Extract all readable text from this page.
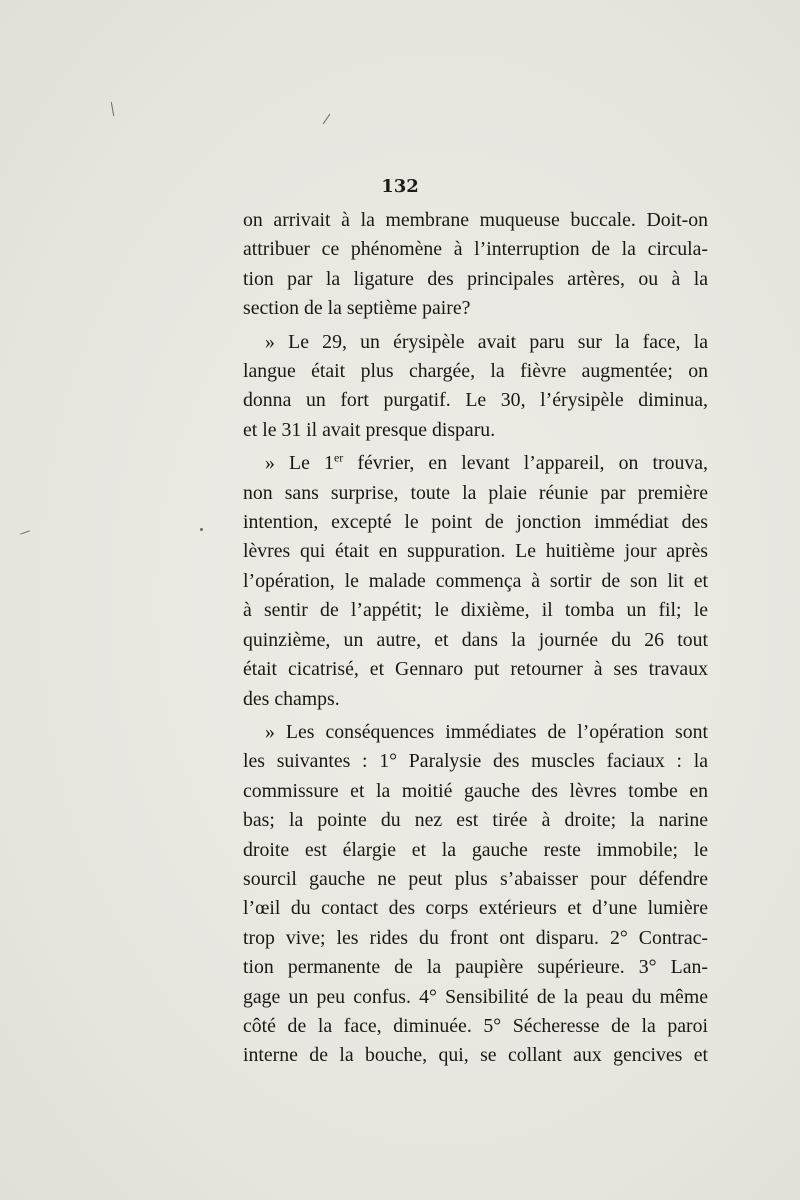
132
on arrivait à la membrane muqueuse buccale. Doit-on
attribuer ce phénomène à l’interruption de la circula-
tion par la ligature des principales artères, ou à la
section de la septième paire?
» Le 29, un érysipèle avait paru sur la face, la
langue était plus chargée, la fièvre augmentée; on
donna un fort purgatif. Le 30, l’érysipèle diminua,
et le 31 il avait presque disparu.
» Le 1er février, en levant l’appareil, on trouva,
non sans surprise, toute la plaie réunie par première
intention, excepté le point de jonction immédiat des
lèvres qui était en suppuration. Le huitième jour après
l’opération, le malade commença à sortir de son lit et
à sentir de l’appétit; le dixième, il tomba un fil; le
quinzième, un autre, et dans la journée du 26 tout
était cicatrisé, et Gennaro put retourner à ses travaux
des champs.
» Les conséquences immédiates de l’opération sont
les suivantes : 1° Paralysie des muscles faciaux : la
commissure et la moitié gauche des lèvres tombe en
bas; la pointe du nez est tirée à droite; la narine
droite est élargie et la gauche reste immobile; le
sourcil gauche ne peut plus s’abaisser pour défendre
l’œil du contact des corps extérieurs et d’une lumière
trop vive; les rides du front ont disparu. 2° Contrac-
tion permanente de la paupière supérieure. 3° Lan-
gage un peu confus. 4° Sensibilité de la peau du même
côté de la face, diminuée. 5° Sécheresse de la paroi
interne de la bouche, qui, se collant aux gencives et
